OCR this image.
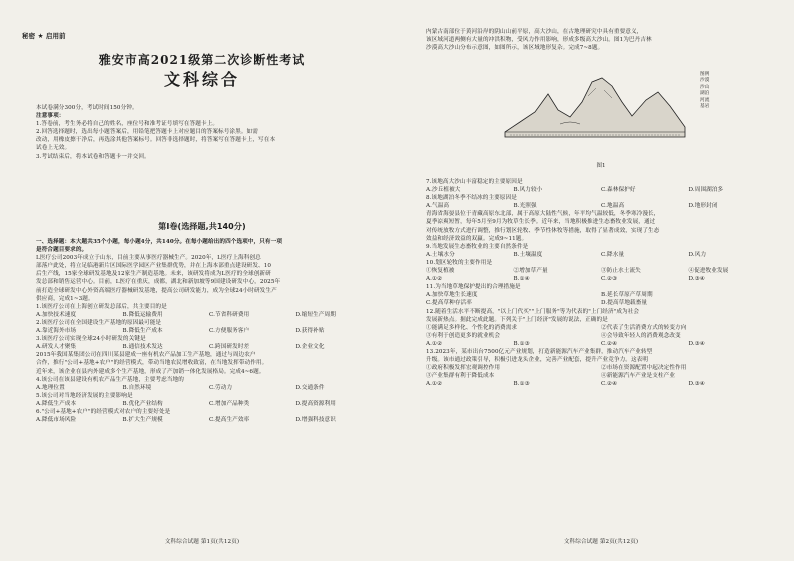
秘密 ★ 启用前
雅安市高2021级第二次诊断性考试
文科综合
本试卷满分300分，考试时间150分钟。
注意事项：
1.答卷前，考生务必将自己的姓名，座位号和准考证号填写在答题卡上。
2.回答选择题时，选出每小题答案后，用铅笔把答题卡上对应题目的答案标号涂黑。如需
改动，用橡皮擦干净后，再选涂其他答案标号。回答非选择题时，将答案写在答题卡上，写在本
试卷上无效。
3.考试结束后，将本试卷和答题卡一并交回。
第Ⅰ卷(选择题,共140分)
一、选择题：本大题共35个小题，每小题4分，共140分。在每小题给出的四个选项中，只有一项
是符合题目要求的。
L医疗公司2003年成立于山东，目前主要从事医疗器械生产。2020年，L医疗上海科创总
部落户此处，将立足临港新片区国际医学园区产业集群优势，并在上海本部重点建设研发、10
后生产线，15家全球研发基地及12家生产制造基地。未来，该研发将成为L医疗的全球创新研
发总部和销售运营中心。目前，L医疗在重庆，成都，湖北和新加坡等9国建设研发中心，2025年
前打造全球研发中心外资高端医疗器械研发基地，提高公司研发能力，成为全球24小时研发生产
供应商，完成1~3题。
1.该医疗公司在上海创立研发总部后，共主要目的是
A.加快技术速度	B.降低运输费用	C.节省科研费用	D.缩短生产周期
2.该医疗公司在全国建设生产基地的原因最可能是
A.靠近海外市场	B.降低生产成本	C.方便服务客户	D.获得补贴
3.该医疗公司实现全球24小时研发的关键是
A.研发人才聚集	B.通信技术发达	C.跨国研发时差	D.企业文化
2015年我国某集团公司在四川某县建成一座有机农产品加工生产基地，通过与周边农户
合作，推行"公司+基地+农户"的经营模式，带动当地农民增收致富，在当地发挥带动作用。
近年来，该企业在县内外建成多个生产基地，形成了产加销一体化发展格局。完成4~6题。
4.该公司在该县建设有机农产品生产基地，主要考虑当地的
A.地理位置	B.自然环境	C.劳动力	D.交通条件
5.该公司对当地经济发展的主要影响是
A.降低生产成本	B.优化产业结构	C.增加产品种类	D.提高资源利用
6."公司+基地+农户"的经营模式对农户的主要好处是
A.降低市场风险	B.扩大生产规模	C.提高生产效率	D.增强科技意识
文科综合试题 第1页(共12页)
内蒙古南部位于黄河沿岸的阴山山前平原，高大沙山，在古地理研究中具有重要意义，
该区域河道两侧有大量的冲洪积物，受风力作用影响，形成多级高大沙山。图1为巴丹吉林
沙漠高大沙山分布示意图，如图所示，该区域地形复杂。完成7~8题。
图例
沙漠
沙山
湖泊
河流
基岩
图1
7.该地高大沙山丰富稳定的主要原因是
A.沙丘植被大	B.风力较小	C.森林保护好	D.周围湖泊多
8.该地湖泊冬季不结冰的主要原因是
A.气温高	B.光照强	C.地温高	D.地形封闭
青海省海晏县位于青藏高原东北部，属于高原大陆性气候，年平均气温较低，冬季寒冷漫长，
夏季凉爽短暂，每年5月至9月为牧草生长季。近年来，当地积极推进生态畜牧业发展，通过
对传统放牧方式进行调整，推行划区轮牧、季节性休牧等措施，取得了显著成效，实现了生态
效益和经济效益的双赢。完成9~11题。
9.当地发展生态畜牧业的主要自然条件是
A.土壤水分	B.土壤温度	C.降水量	D.风力
10.划区轮牧的主要作用是
①恢复植被	②增加草产量	③防止水土流失	④促进牧业发展
A.①②	B.①④	C.②③	D.③④
11.为当地草地保护提出的合理措施是
A.加快草地生长速度	B.延长草原产草周期
C.提高草种存活率	D.提高草地载畜量
12.随着生活水平不断提高，"以上门代买""上门服务"等为代表的"上门经济"成为社会
发展新热点。据此完成此题。下列关于"上门经济"发展的说法，正确的是
①能满足多样化、个性化的消费需求	②代表了生活消费方式的转变方向
③有利于创造更多的就业机会	④会导致年轻人的消费观念改变
A.①②	B.①③	C.②④	D.③④
13.2023年，某市出台7500亿元产业规划，打造新能源汽车产业集群，推动汽车产业转型
升级。该市通过政策引导，积极引进龙头企业，完善产业配套，提升产业竞争力。这表明
①政府积极发挥宏观调控作用	②市场在资源配置中起决定性作用
③产业集群有利于降低成本	④新能源汽车产业是支柱产业
A.①②	B.①③	C.②④	D.③④
文科综合试题 第2页(共12页)
